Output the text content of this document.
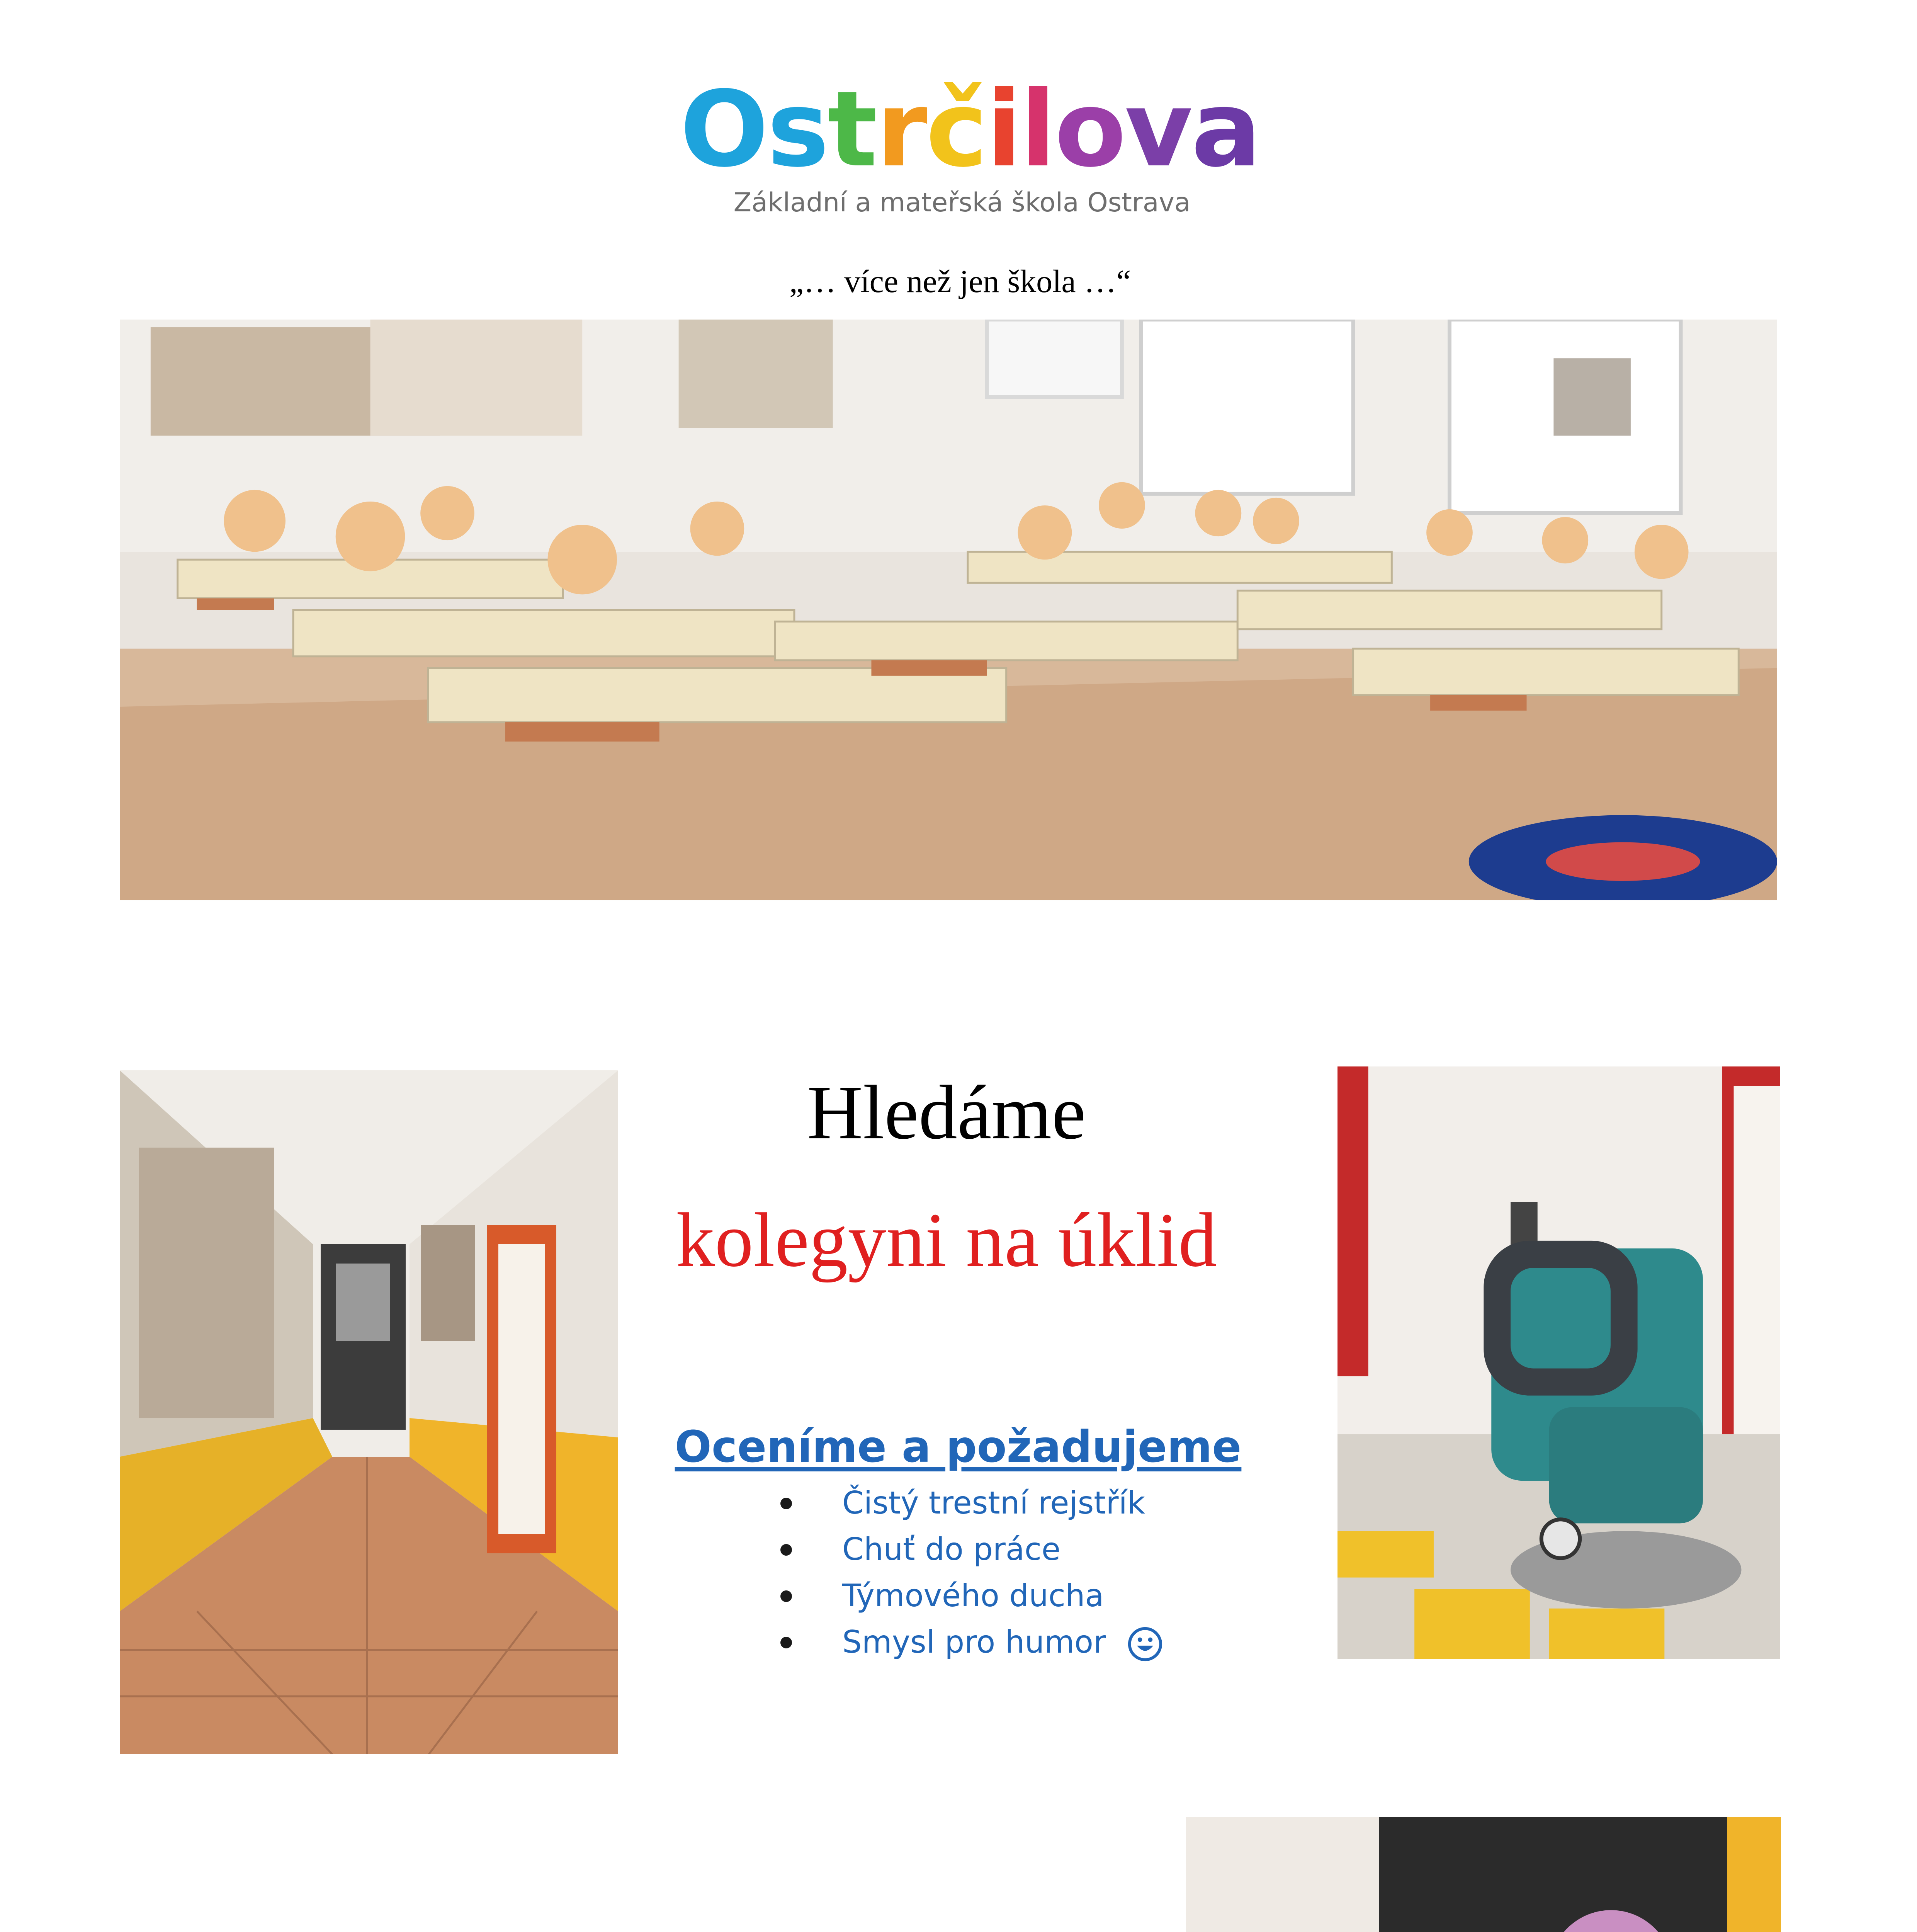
Ostrčilova
Základní a mateřská škola Ostrava
„… více než jen škola …“
Hledáme
kolegyni na úklid
Oceníme a požadujeme
Čistý trestní rejstřík
Chuť do práce
Týmového ducha
Smysl pro humor
